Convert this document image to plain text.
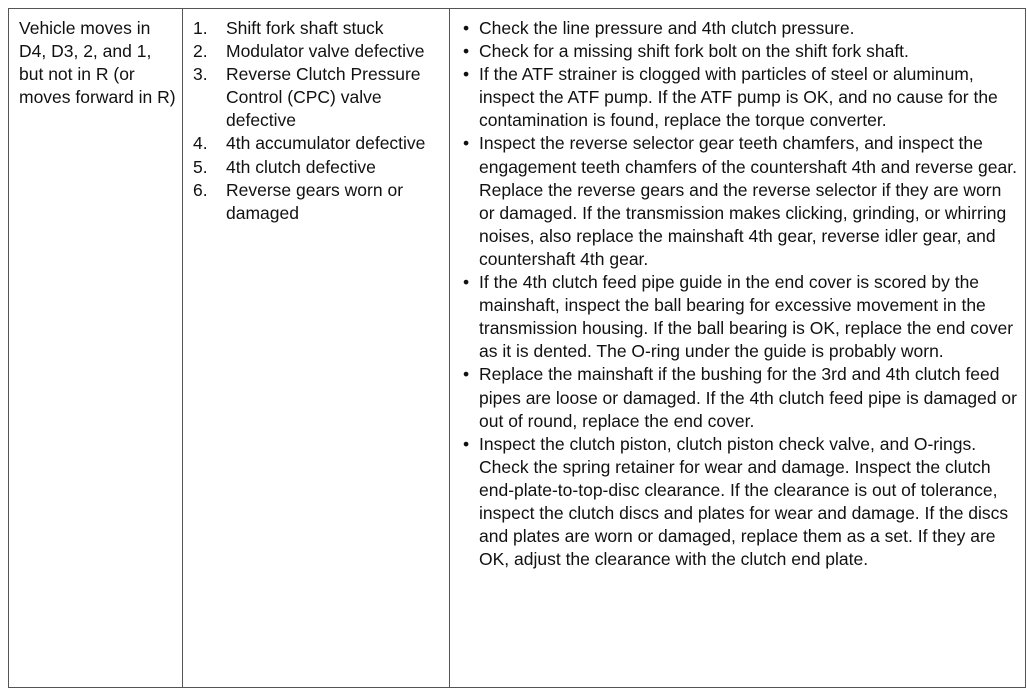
Vehicle moves in D4, D3, 2, and 1, but not in R (or moves forward in R)

1. Shift fork shaft stuck
2. Modulator valve defective
3. Reverse Clutch Pressure Control (CPC) valve defective
4. 4th accumulator defective
5. 4th clutch defective
6. Reverse gears worn or damaged
• Check the line pressure and 4th clutch pressure.
• Check for a missing shift fork bolt on the shift fork shaft.
• If the ATF strainer is clogged with particles of steel or aluminum, inspect the ATF pump. If the ATF pump is OK, and no cause for the contamination is found, replace the torque converter.
• Inspect the reverse selector gear teeth chamfers, and inspect the engagement teeth chamfers of the countershaft 4th and reverse gear. Replace the reverse gears and the reverse selector if they are worn or damaged. If the transmission makes clicking, grinding, or whirring noises, also replace the mainshaft 4th gear, reverse idler gear, and countershaft 4th gear.
• If the 4th clutch feed pipe guide in the end cover is scored by the mainshaft, inspect the ball bearing for excessive movement in the transmission housing. If the ball bearing is OK, replace the end cover as it is dented. The O-ring under the guide is probably worn.
• Replace the mainshaft if the bushing for the 3rd and 4th clutch feed pipes are loose or damaged. If the 4th clutch feed pipe is damaged or out of round, replace the end cover.
• Inspect the clutch piston, clutch piston check valve, and O-rings. Check the spring retainer for wear and damage. Inspect the clutch end-plate-to-top-disc clearance. If the clearance is out of tolerance, inspect the clutch discs and plates for wear and damage. If the discs and plates are worn or damaged, replace them as a set. If they are OK, adjust the clearance with the clutch end plate.
